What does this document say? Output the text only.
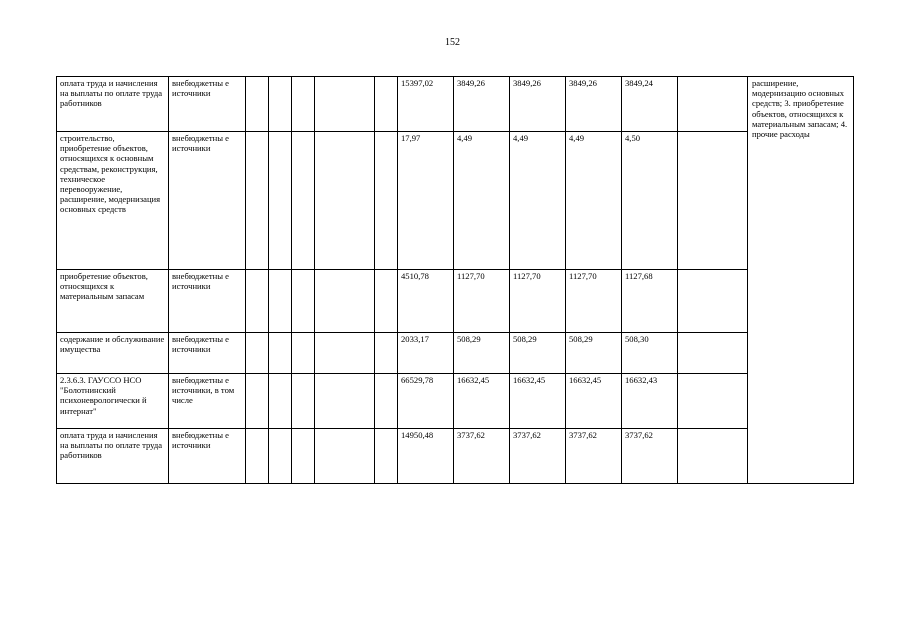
152
оплата труда и начисления на выплаты по оплате труда работников	внебюджетны е источники						15397,02	3849,26	3849,26	3849,26	3849,24		расширение, модернизацию основных средств; 3. приобретение объектов, относящихся к материальным запасам; 4. прочие расходы
строительство, приобретение объектов, относящихся к основным средствам, реконструкция, техническое перевооружение, расширение, модернизация основных средств	внебюджетны е источники						17,97	4,49	4,49	4,49	4,50		
приобретение объектов, относящихся к материальным запасам	внебюджетны е источники						4510,78	1127,70	1127,70	1127,70	1127,68		
содержание и обслуживание имущества	внебюджетны е источники						2033,17	508,29	508,29	508,29	508,30		
2.3.6.3. ГАУССО НСО "Болотнинский психоневрологически й интернат"	внебюджетны е источники, в том числе						66529,78	16632,45	16632,45	16632,45	16632,43		
оплата труда и начисления на выплаты по оплате труда работников	внебюджетны е источники						14950,48	3737,62	3737,62	3737,62	3737,62		
